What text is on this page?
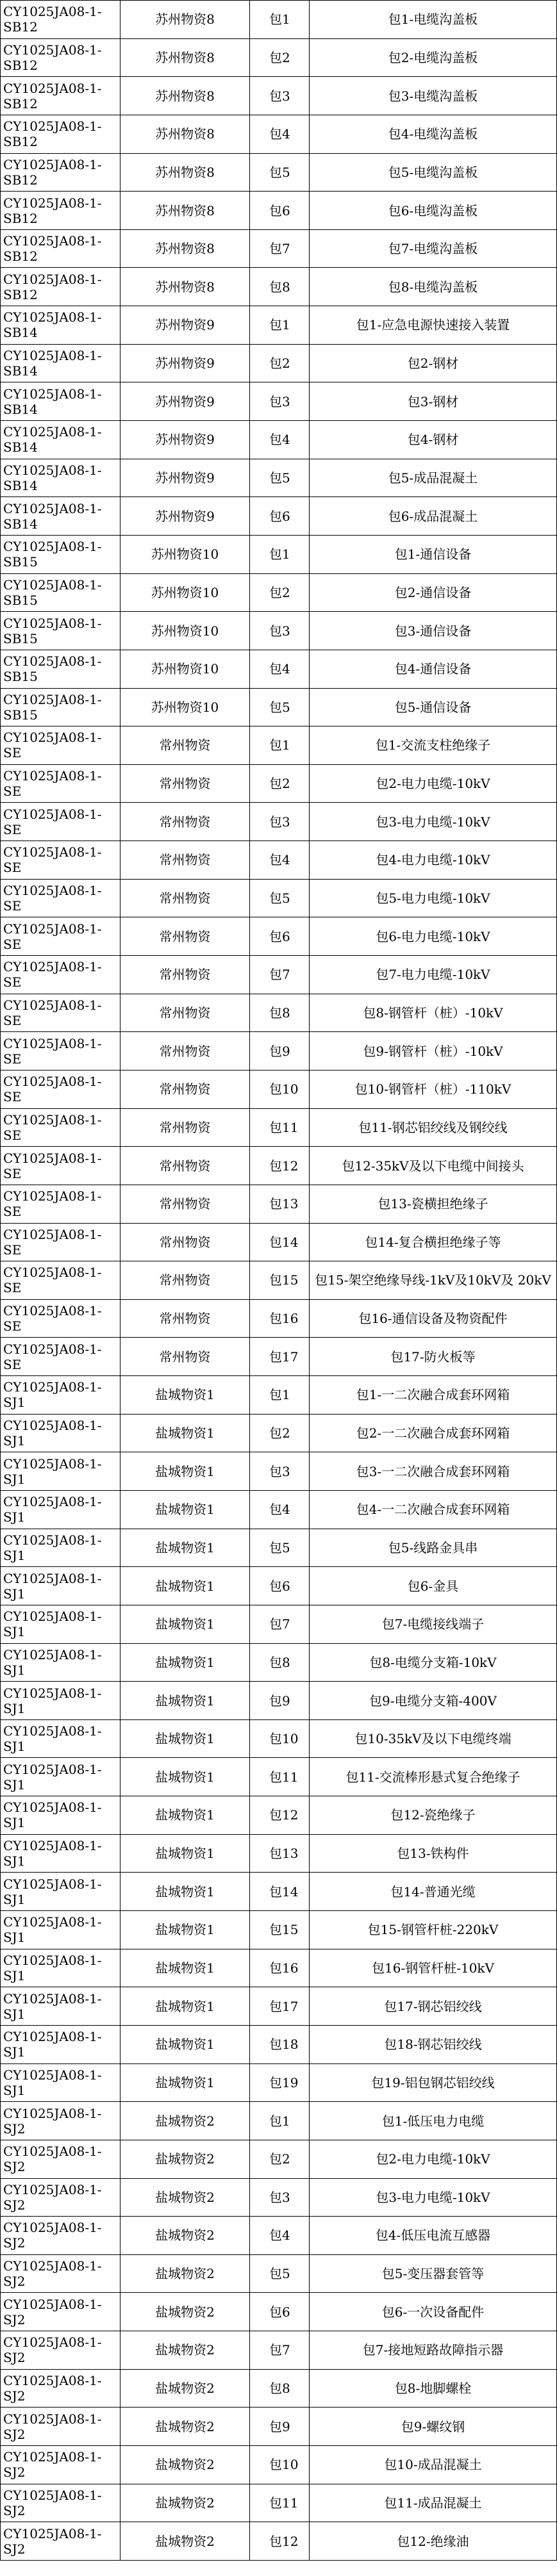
CY1025JA08-1-
SB12	苏州物资8	包1	包1-电缆沟盖板
CY1025JA08-1-
SB12	苏州物资8	包2	包2-电缆沟盖板
CY1025JA08-1-
SB12	苏州物资8	包3	包3-电缆沟盖板
CY1025JA08-1-
SB12	苏州物资8	包4	包4-电缆沟盖板
CY1025JA08-1-
SB12	苏州物资8	包5	包5-电缆沟盖板
CY1025JA08-1-
SB12	苏州物资8	包6	包6-电缆沟盖板
CY1025JA08-1-
SB12	苏州物资8	包7	包7-电缆沟盖板
CY1025JA08-1-
SB12	苏州物资8	包8	包8-电缆沟盖板
CY1025JA08-1-
SB14	苏州物资9	包1	包1-应急电源快速接入装置
CY1025JA08-1-
SB14	苏州物资9	包2	包2-钢材
CY1025JA08-1-
SB14	苏州物资9	包3	包3-钢材
CY1025JA08-1-
SB14	苏州物资9	包4	包4-钢材
CY1025JA08-1-
SB14	苏州物资9	包5	包5-成品混凝土
CY1025JA08-1-
SB14	苏州物资9	包6	包6-成品混凝土
CY1025JA08-1-
SB15	苏州物资10	包1	包1-通信设备
CY1025JA08-1-
SB15	苏州物资10	包2	包2-通信设备
CY1025JA08-1-
SB15	苏州物资10	包3	包3-通信设备
CY1025JA08-1-
SB15	苏州物资10	包4	包4-通信设备
CY1025JA08-1-
SB15	苏州物资10	包5	包5-通信设备
CY1025JA08-1-
SE	常州物资	包1	包1-交流支柱绝缘子
CY1025JA08-1-
SE	常州物资	包2	包2-电力电缆-10kV
CY1025JA08-1-
SE	常州物资	包3	包3-电力电缆-10kV
CY1025JA08-1-
SE	常州物资	包4	包4-电力电缆-10kV
CY1025JA08-1-
SE	常州物资	包5	包5-电力电缆-10kV
CY1025JA08-1-
SE	常州物资	包6	包6-电力电缆-10kV
CY1025JA08-1-
SE	常州物资	包7	包7-电力电缆-10kV
CY1025JA08-1-
SE	常州物资	包8	包8-钢管杆（桩）-10kV
CY1025JA08-1-
SE	常州物资	包9	包9-钢管杆（桩）-10kV
CY1025JA08-1-
SE	常州物资	包10	包10-钢管杆（桩）-110kV
CY1025JA08-1-
SE	常州物资	包11	包11-钢芯铝绞线及钢绞线
CY1025JA08-1-
SE	常州物资	包12	包12-35kV及以下电缆中间接头
CY1025JA08-1-
SE	常州物资	包13	包13-瓷横担绝缘子
CY1025JA08-1-
SE	常州物资	包14	包14-复合横担绝缘子等
CY1025JA08-1-
SE	常州物资	包15	包15-架空绝缘导线-1kV及10kV及 20kV
CY1025JA08-1-
SE	常州物资	包16	包16-通信设备及物资配件
CY1025JA08-1-
SE	常州物资	包17	包17-防火板等
CY1025JA08-1-
SJ1	盐城物资1	包1	包1-一二次融合成套环网箱
CY1025JA08-1-
SJ1	盐城物资1	包2	包2-一二次融合成套环网箱
CY1025JA08-1-
SJ1	盐城物资1	包3	包3-一二次融合成套环网箱
CY1025JA08-1-
SJ1	盐城物资1	包4	包4-一二次融合成套环网箱
CY1025JA08-1-
SJ1	盐城物资1	包5	包5-线路金具串
CY1025JA08-1-
SJ1	盐城物资1	包6	包6-金具
CY1025JA08-1-
SJ1	盐城物资1	包7	包7-电缆接线端子
CY1025JA08-1-
SJ1	盐城物资1	包8	包8-电缆分支箱-10kV
CY1025JA08-1-
SJ1	盐城物资1	包9	包9-电缆分支箱-400V
CY1025JA08-1-
SJ1	盐城物资1	包10	包10-35kV及以下电缆终端
CY1025JA08-1-
SJ1	盐城物资1	包11	包11-交流棒形悬式复合绝缘子
CY1025JA08-1-
SJ1	盐城物资1	包12	包12-瓷绝缘子
CY1025JA08-1-
SJ1	盐城物资1	包13	包13-铁构件
CY1025JA08-1-
SJ1	盐城物资1	包14	包14-普通光缆
CY1025JA08-1-
SJ1	盐城物资1	包15	包15-钢管杆桩-220kV
CY1025JA08-1-
SJ1	盐城物资1	包16	包16-钢管杆桩-10kV
CY1025JA08-1-
SJ1	盐城物资1	包17	包17-钢芯铝绞线
CY1025JA08-1-
SJ1	盐城物资1	包18	包18-钢芯铝绞线
CY1025JA08-1-
SJ1	盐城物资1	包19	包19-铝包钢芯铝绞线
CY1025JA08-1-
SJ2	盐城物资2	包1	包1-低压电力电缆
CY1025JA08-1-
SJ2	盐城物资2	包2	包2-电力电缆-10kV
CY1025JA08-1-
SJ2	盐城物资2	包3	包3-电力电缆-10kV
CY1025JA08-1-
SJ2	盐城物资2	包4	包4-低压电流互感器
CY1025JA08-1-
SJ2	盐城物资2	包5	包5-变压器套管等
CY1025JA08-1-
SJ2	盐城物资2	包6	包6-一次设备配件
CY1025JA08-1-
SJ2	盐城物资2	包7	包7-接地短路故障指示器
CY1025JA08-1-
SJ2	盐城物资2	包8	包8-地脚螺栓
CY1025JA08-1-
SJ2	盐城物资2	包9	包9-螺纹钢
CY1025JA08-1-
SJ2	盐城物资2	包10	包10-成品混凝土
CY1025JA08-1-
SJ2	盐城物资2	包11	包11-成品混凝土
CY1025JA08-1-
SJ2	盐城物资2	包12	包12-绝缘油
